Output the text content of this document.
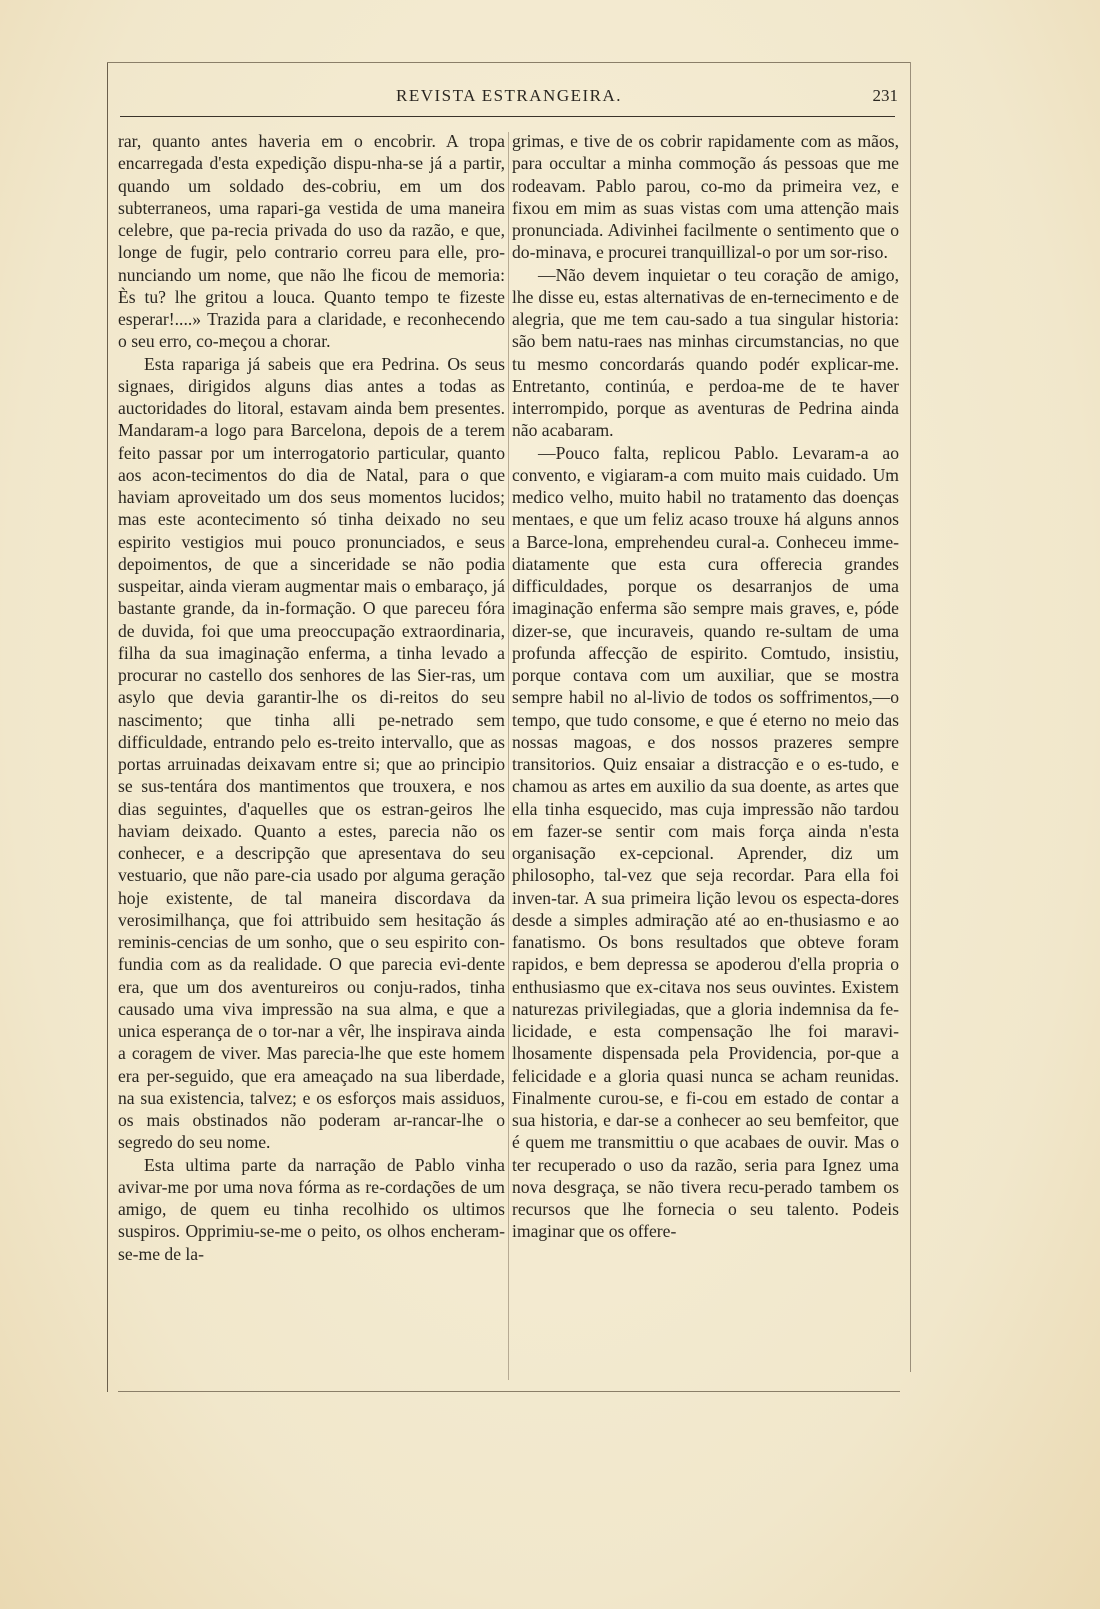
REVISTA ESTRANGEIRA.	231

rar, quanto antes haveria em o encobrir. A tropa encarregada d'esta expedição dispu-nha-se já a partir, quando um soldado des-cobriu, em um dos subterraneos, uma rapari-ga vestida de uma maneira celebre, que pa-recia privada do uso da razão, e que, longe de fugir, pelo contrario correu para elle, pro-nunciando um nome, que não lhe ficou de memoria: Ès tu? lhe gritou a louca. Quanto tempo te fizeste esperar!....» Trazida para a claridade, e reconhecendo o seu erro, co-meçou a chorar.

Esta rapariga já sabeis que era Pedrina. Os seus signaes, dirigidos alguns dias antes a todas as auctoridades do litoral, estavam ainda bem presentes. Mandaram-a logo para Barcelona, depois de a terem feito passar por um interrogatorio particular, quanto aos acon-tecimentos do dia de Natal, para o que haviam aproveitado um dos seus momentos lucidos; mas este acontecimento só tinha deixado no seu espirito vestigios mui pouco pronunciados, e seus depoimentos, de que a sinceridade se não podia suspeitar, ainda vieram augmentar mais o embaraço, já bastante grande, da in-formação. O que pareceu fóra de duvida, foi que uma preoccupação extraordinaria, filha da sua imaginação enferma, a tinha levado a procurar no castello dos senhores de las Sier-ras, um asylo que devia garantir-lhe os di-reitos do seu nascimento; que tinha alli pe-netrado sem difficuldade, entrando pelo es-treito intervallo, que as portas arruinadas deixavam entre si; que ao principio se sus-tentára dos mantimentos que trouxera, e nos dias seguintes, d'aquelles que os estran-geiros lhe haviam deixado. Quanto a estes, parecia não os conhecer, e a descripção que apresentava do seu vestuario, que não pare-cia usado por alguma geração hoje existente, de tal maneira discordava da verosimilhança, que foi attribuido sem hesitação ás reminis-cencias de um sonho, que o seu espirito con-fundia com as da realidade. O que parecia evi-dente era, que um dos aventureiros ou conju-rados, tinha causado uma viva impressão na sua alma, e que a unica esperança de o tor-nar a vêr, lhe inspirava ainda a coragem de viver. Mas parecia-lhe que este homem era per-seguido, que era ameaçado na sua liberdade, na sua existencia, talvez; e os esforços mais assiduos, os mais obstinados não poderam ar-rancar-lhe o segredo do seu nome.

Esta ultima parte da narração de Pablo vinha avivar-me por uma nova fórma as re-cordações de um amigo, de quem eu tinha recolhido os ultimos suspiros. Opprimiu-se-me o peito, os olhos encheram-se-me de la-

grimas, e tive de os cobrir rapidamente com as mãos, para occultar a minha commoção ás pessoas que me rodeavam. Pablo parou, co-mo da primeira vez, e fixou em mim as suas vistas com uma attenção mais pronunciada. Adivinhei facilmente o sentimento que o do-minava, e procurei tranquillizal-o por um sor-riso.

—Não devem inquietar o teu coração de amigo, lhe disse eu, estas alternativas de en-ternecimento e de alegria, que me tem cau-sado a tua singular historia: são bem natu-raes nas minhas circumstancias, no que tu mesmo concordarás quando podér explicar-me. Entretanto, continúa, e perdoa-me de te haver interrompido, porque as aventuras de Pedrina ainda não acabaram.

—Pouco falta, replicou Pablo. Levaram-a ao convento, e vigiaram-a com muito mais cuidado. Um medico velho, muito habil no tratamento das doenças mentaes, e que um feliz acaso trouxe há alguns annos a Barce-lona, emprehendeu cural-a. Conheceu imme-diatamente que esta cura offerecia grandes difficuldades, porque os desarranjos de uma imaginação enferma são sempre mais graves, e, póde dizer-se, que incuraveis, quando re-sultam de uma profunda affecção de espirito. Comtudo, insistiu, porque contava com um auxiliar, que se mostra sempre habil no al-livio de todos os soffrimentos,—o tempo, que tudo consome, e que é eterno no meio das nossas magoas, e dos nossos prazeres sempre transitorios. Quiz ensaiar a distracção e o es-tudo, e chamou as artes em auxilio da sua doente, as artes que ella tinha esquecido, mas cuja impressão não tardou em fazer-se sentir com mais força ainda n'esta organisação ex-cepcional. Aprender, diz um philosopho, tal-vez que seja recordar. Para ella foi inven-tar. A sua primeira lição levou os especta-dores desde a simples admiração até ao en-thusiasmo e ao fanatismo. Os bons resultados que obteve foram rapidos, e bem depressa se apoderou d'ella propria o enthusiasmo que ex-citava nos seus ouvintes. Existem naturezas privilegiadas, que a gloria indemnisa da fe-licidade, e esta compensação lhe foi maravi-lhosamente dispensada pela Providencia, por-que a felicidade e a gloria quasi nunca se acham reunidas. Finalmente curou-se, e fi-cou em estado de contar a sua historia, e dar-se a conhecer ao seu bemfeitor, que é quem me transmittiu o que acabaes de ouvir. Mas o ter recuperado o uso da razão, seria para Ignez uma nova desgraça, se não tivera recu-perado tambem os recursos que lhe fornecia o seu talento. Podeis imaginar que os offere-
